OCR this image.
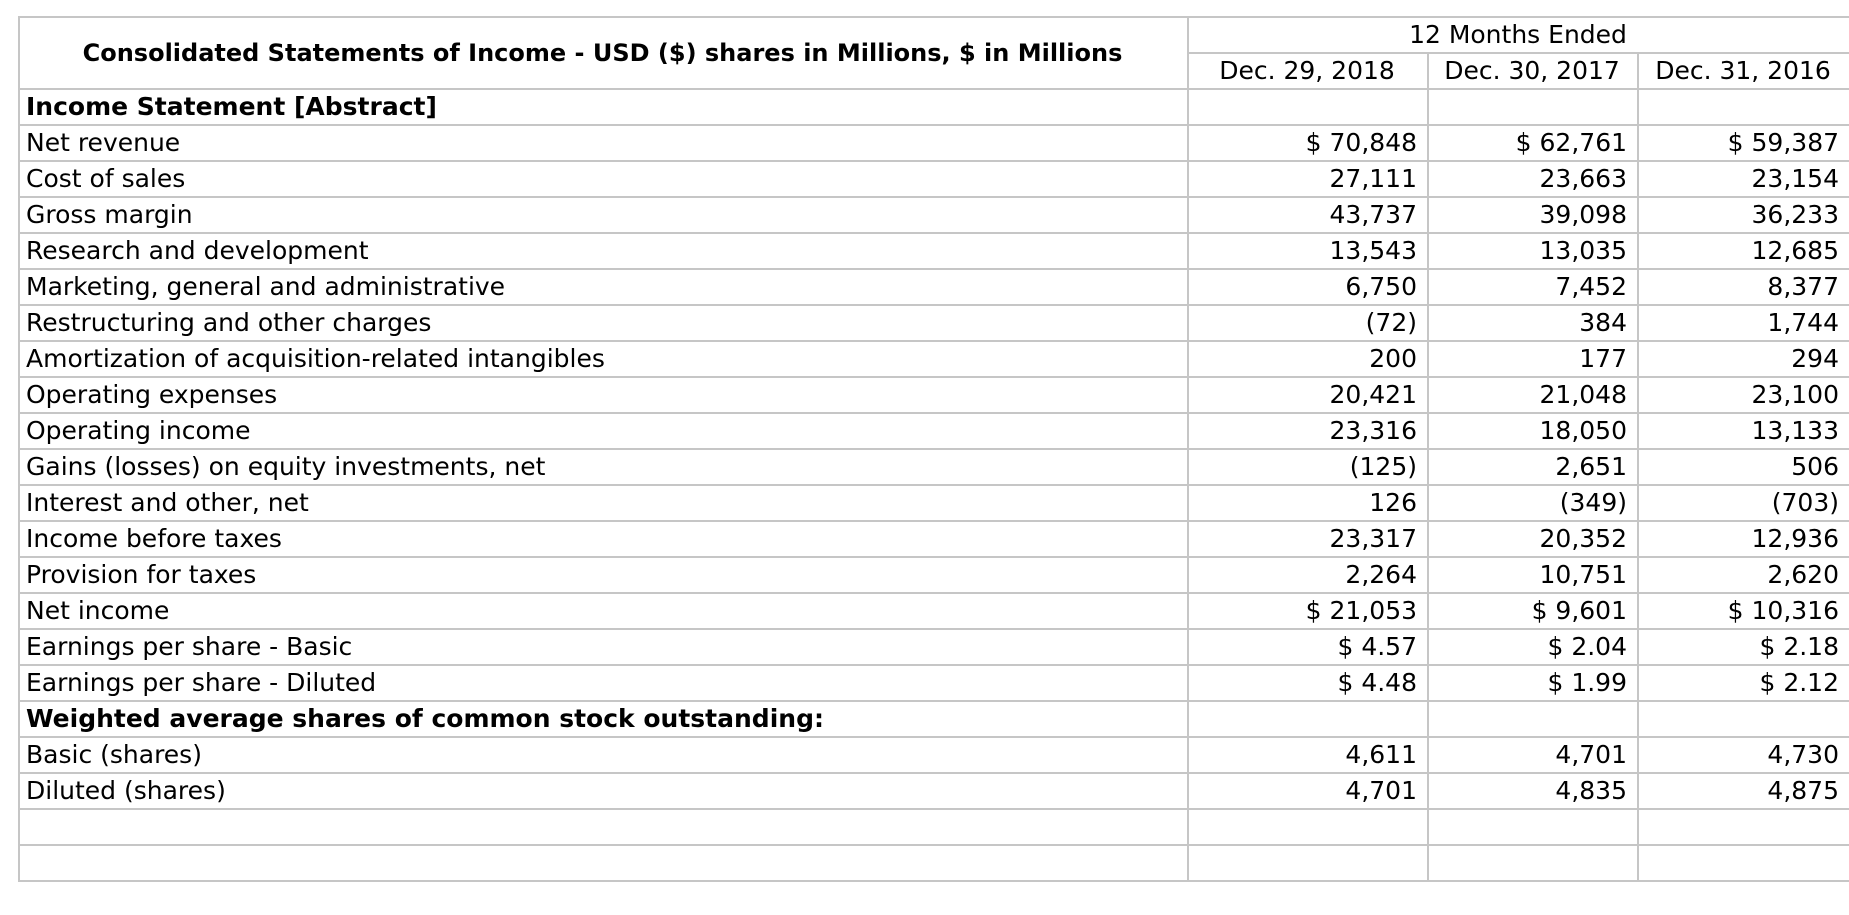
Consolidated Statements of Income - USD ($) shares in Millions, $ in Millions	12 Months Ended		
	Dec. 29, 2018	Dec. 30, 2017	Dec. 31, 2016
Income Statement [Abstract]			
Net revenue	$ 70,848	$ 62,761	$ 59,387
Cost of sales	27,111	23,663	23,154
Gross margin	43,737	39,098	36,233
Research and development	13,543	13,035	12,685
Marketing, general and administrative	6,750	7,452	8,377
Restructuring and other charges	(72)	384	1,744
Amortization of acquisition-related intangibles	200	177	294
Operating expenses	20,421	21,048	23,100
Operating income	23,316	18,050	13,133
Gains (losses) on equity investments, net	(125)	2,651	506
Interest and other, net	126	(349)	(703)
Income before taxes	23,317	20,352	12,936
Provision for taxes	2,264	10,751	2,620
Net income	$ 21,053	$ 9,601	$ 10,316
Earnings per share - Basic	$ 4.57	$ 2.04	$ 2.18
Earnings per share - Diluted	$ 4.48	$ 1.99	$ 2.12
Weighted average shares of common stock outstanding:			
Basic (shares)	4,611	4,701	4,730
Diluted (shares)	4,701	4,835	4,875
